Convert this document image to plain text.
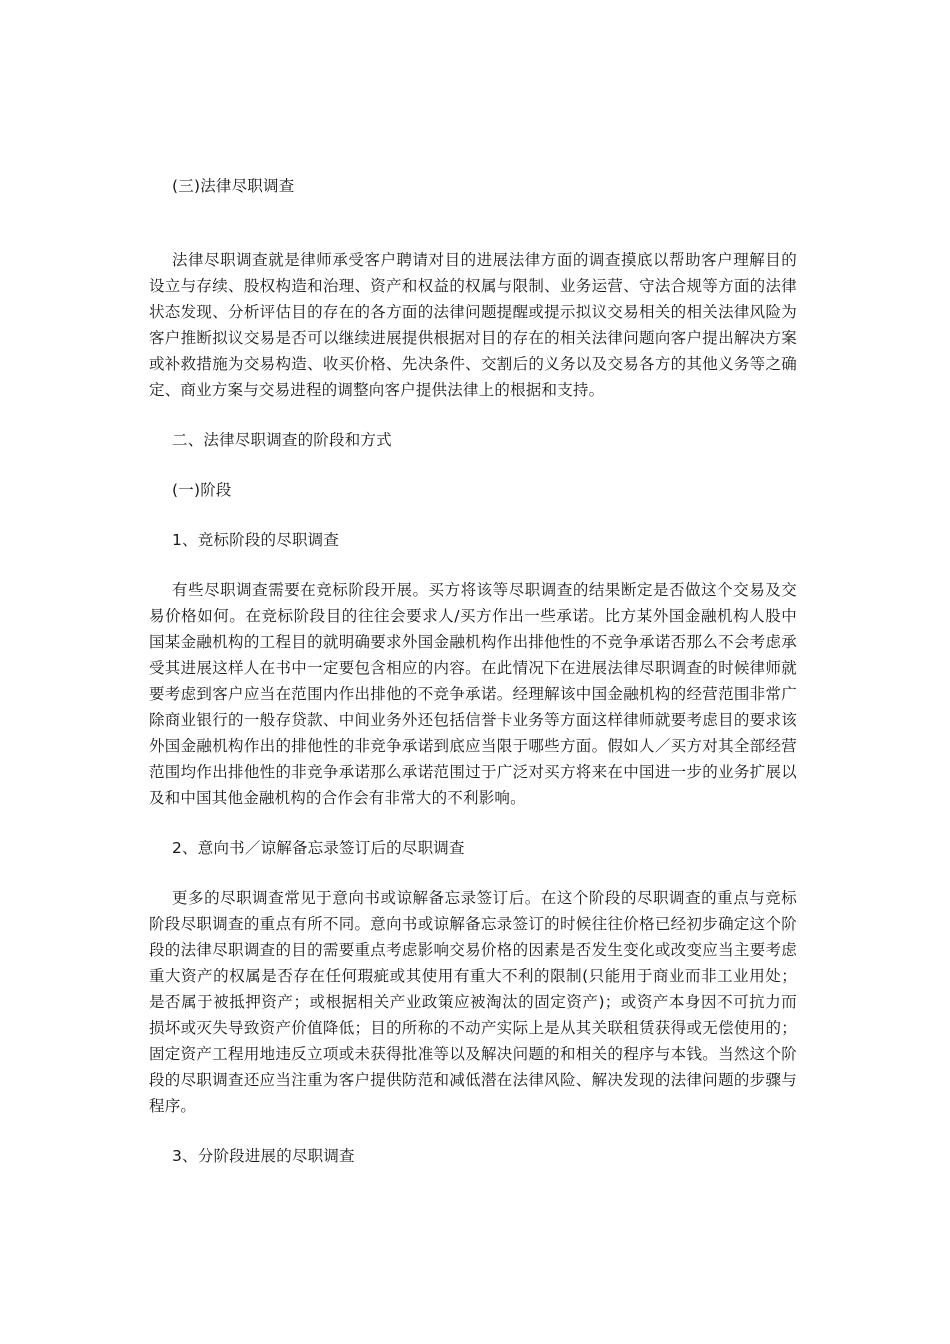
(三)法律尽职调查

法律尽职调查就是律师承受客户聘请对目的进展法律方面的调查摸底以帮助客户理解目的设立与存续、股权构造和治理、资产和权益的权属与限制、业务运营、守法合规等方面的法律状态发现、分析评估目的存在的各方面的法律问题提醒或提示拟议交易相关的相关法律风险为客户推断拟议交易是否可以继续进展提供根据对目的存在的相关法律问题向客户提出解决方案或补救措施为交易构造、收买价格、先决条件、交割后的义务以及交易各方的其他义务等之确定、商业方案与交易进程的调整向客户提供法律上的根据和支持。

二、法律尽职调查的阶段和方式

(一)阶段

1、竞标阶段的尽职调查

有些尽职调查需要在竞标阶段开展。买方将该等尽职调查的结果断定是否做这个交易及交易价格如何。在竞标阶段目的往往会要求人/买方作出一些承诺。比方某外国金融机构人股中国某金融机构的工程目的就明确要求外国金融机构作出排他性的不竞争承诺否那么不会考虑承受其进展这样人在书中一定要包含相应的内容。在此情况下在进展法律尽职调查的时候律师就要考虑到客户应当在范围内作出排他的不竞争承诺。经理解该中国金融机构的经营范围非常广除商业银行的一般存贷款、中间业务外还包括信誉卡业务等方面这样律师就要考虑目的要求该外国金融机构作出的排他性的非竞争承诺到底应当限于哪些方面。假如人／买方对其全部经营范围均作出排他性的非竞争承诺那么承诺范围过于广泛对买方将来在中国进一步的业务扩展以及和中国其他金融机构的合作会有非常大的不利影响。

2、意向书／谅解备忘录签订后的尽职调查

更多的尽职调查常见于意向书或谅解备忘录签订后。在这个阶段的尽职调查的重点与竞标阶段尽职调查的重点有所不同。意向书或谅解备忘录签订的时候往往价格已经初步确定这个阶段的法律尽职调查的目的需要重点考虑影响交易价格的因素是否发生变化或改变应当主要考虑重大资产的权属是否存在任何瑕疵或其使用有重大不利的限制(只能用于商业而非工业用处；是否属于被抵押资产；或根据相关产业政策应被淘汰的固定资产)；或资产本身因不可抗力而损坏或灭失导致资产价值降低；目的所称的不动产实际上是从其关联租赁获得或无偿使用的；固定资产工程用地违反立项或未获得批准等以及解决问题的和相关的程序与本钱。当然这个阶段的尽职调查还应当注重为客户提供防范和减低潜在法律风险、解决发现的法律问题的步骤与程序。

3、分阶段进展的尽职调查
